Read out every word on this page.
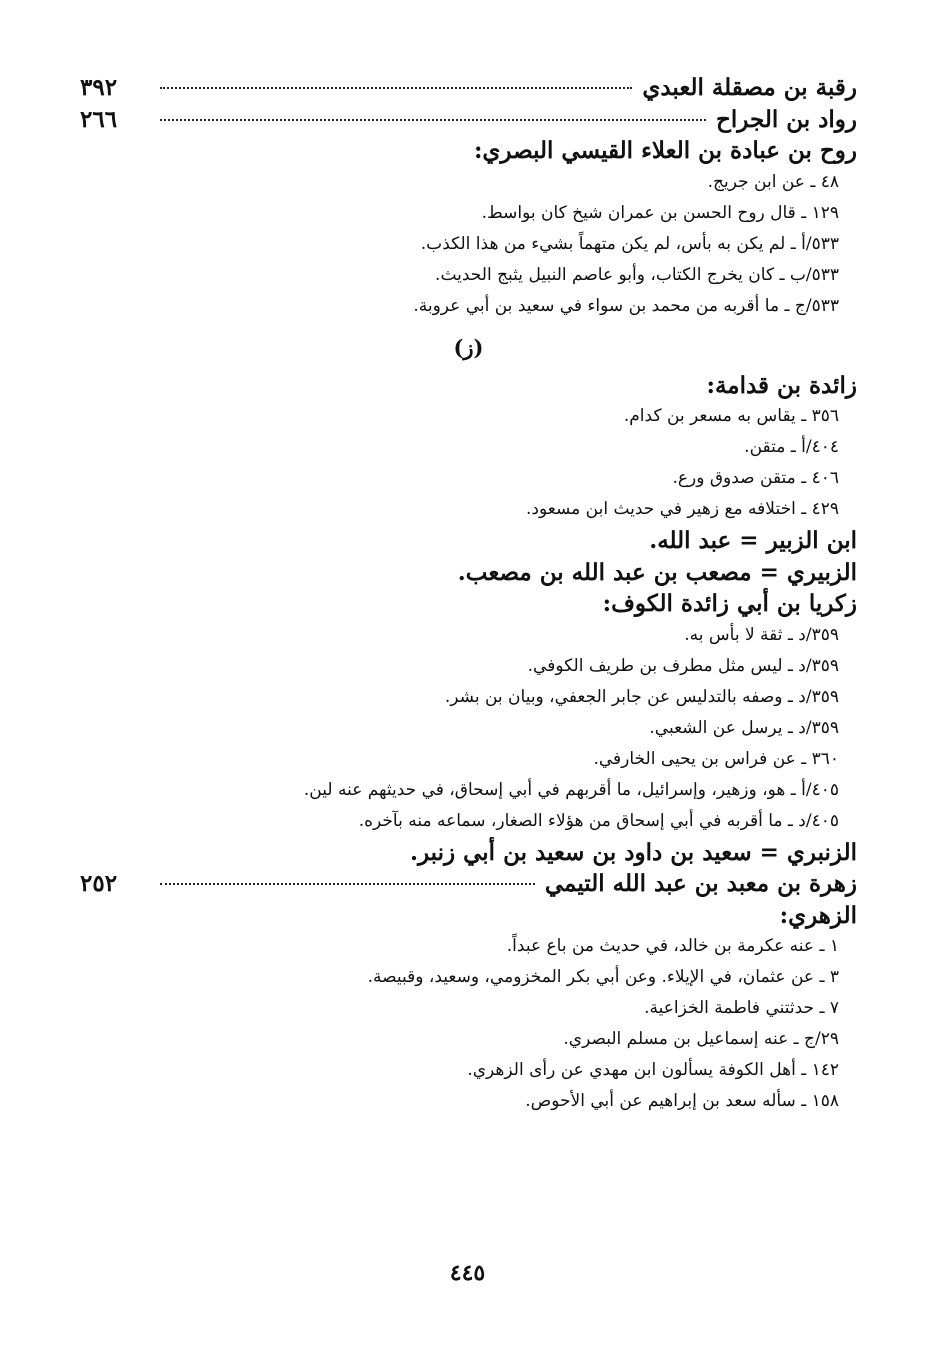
رقبة بن مصقلة العبدي
٣٩٢
رواد بن الجراح
٢٦٦
روح بن عبادة بن العلاء القيسي البصري:
٤٨ ـ عن ابن جريج.
١٢٩ ـ قال روح الحسن بن عمران شيخ كان بواسط.
٥٣٣/أ ـ لم يكن به بأس، لم يكن متهماً بشيء من هذا الكذب.
٥٣٣/ب ـ كان يخرج الكتاب، وأبو عاصم النبيل يثبج الحديث.
٥٣٣/ج ـ ما أقربه من محمد بن سواء في سعيد بن أبي عروبة.
(ز)
زائدة بن قدامة:
٣٥٦ ـ يقاس به مسعر بن كدام.
٤٠٤/أ ـ متقن.
٤٠٦ ـ متقن صدوق ورع.
٤٢٩ ـ اختلافه مع زهير في حديث ابن مسعود.
ابن الزبير = عبد الله.
الزبيري = مصعب بن عبد الله بن مصعب.
زكريا بن أبي زائدة الكوف:
٣٥٩/د ـ ثقة لا بأس به.
٣٥٩/د ـ ليس مثل مطرف بن طريف الكوفي.
٣٥٩/د ـ وصفه بالتدليس عن جابر الجعفي، وبيان بن بشر.
٣٥٩/د ـ يرسل عن الشعبي.
٣٦٠ ـ عن فراس بن يحيى الخارفي.
٤٠٥/أ ـ هو، وزهير، وإسرائيل، ما أقربهم في أبي إسحاق، في حديثهم عنه لين.
٤٠٥/د ـ ما أقربه في أبي إسحاق من هؤلاء الصغار، سماعه منه بآخره.
الزنبري = سعيد بن داود بن سعيد بن أبي زنبر.
زهرة بن معبد بن عبد الله التيمي
٢٥٢
الزهري:
١ ـ عنه عكرمة بن خالد، في حديث من باع عبداً.
٣ ـ عن عثمان، في الإيلاء. وعن أبي بكر المخزومي، وسعيد، وقبيصة.
٧ ـ حدثتني فاطمة الخزاعية.
٢٩/ج ـ عنه إسماعيل بن مسلم البصري.
١٤٢ ـ أهل الكوفة يسألون ابن مهدي عن رأى الزهري.
١٥٨ ـ سأله سعد بن إبراهيم عن أبي الأحوص.
٤٤٥
